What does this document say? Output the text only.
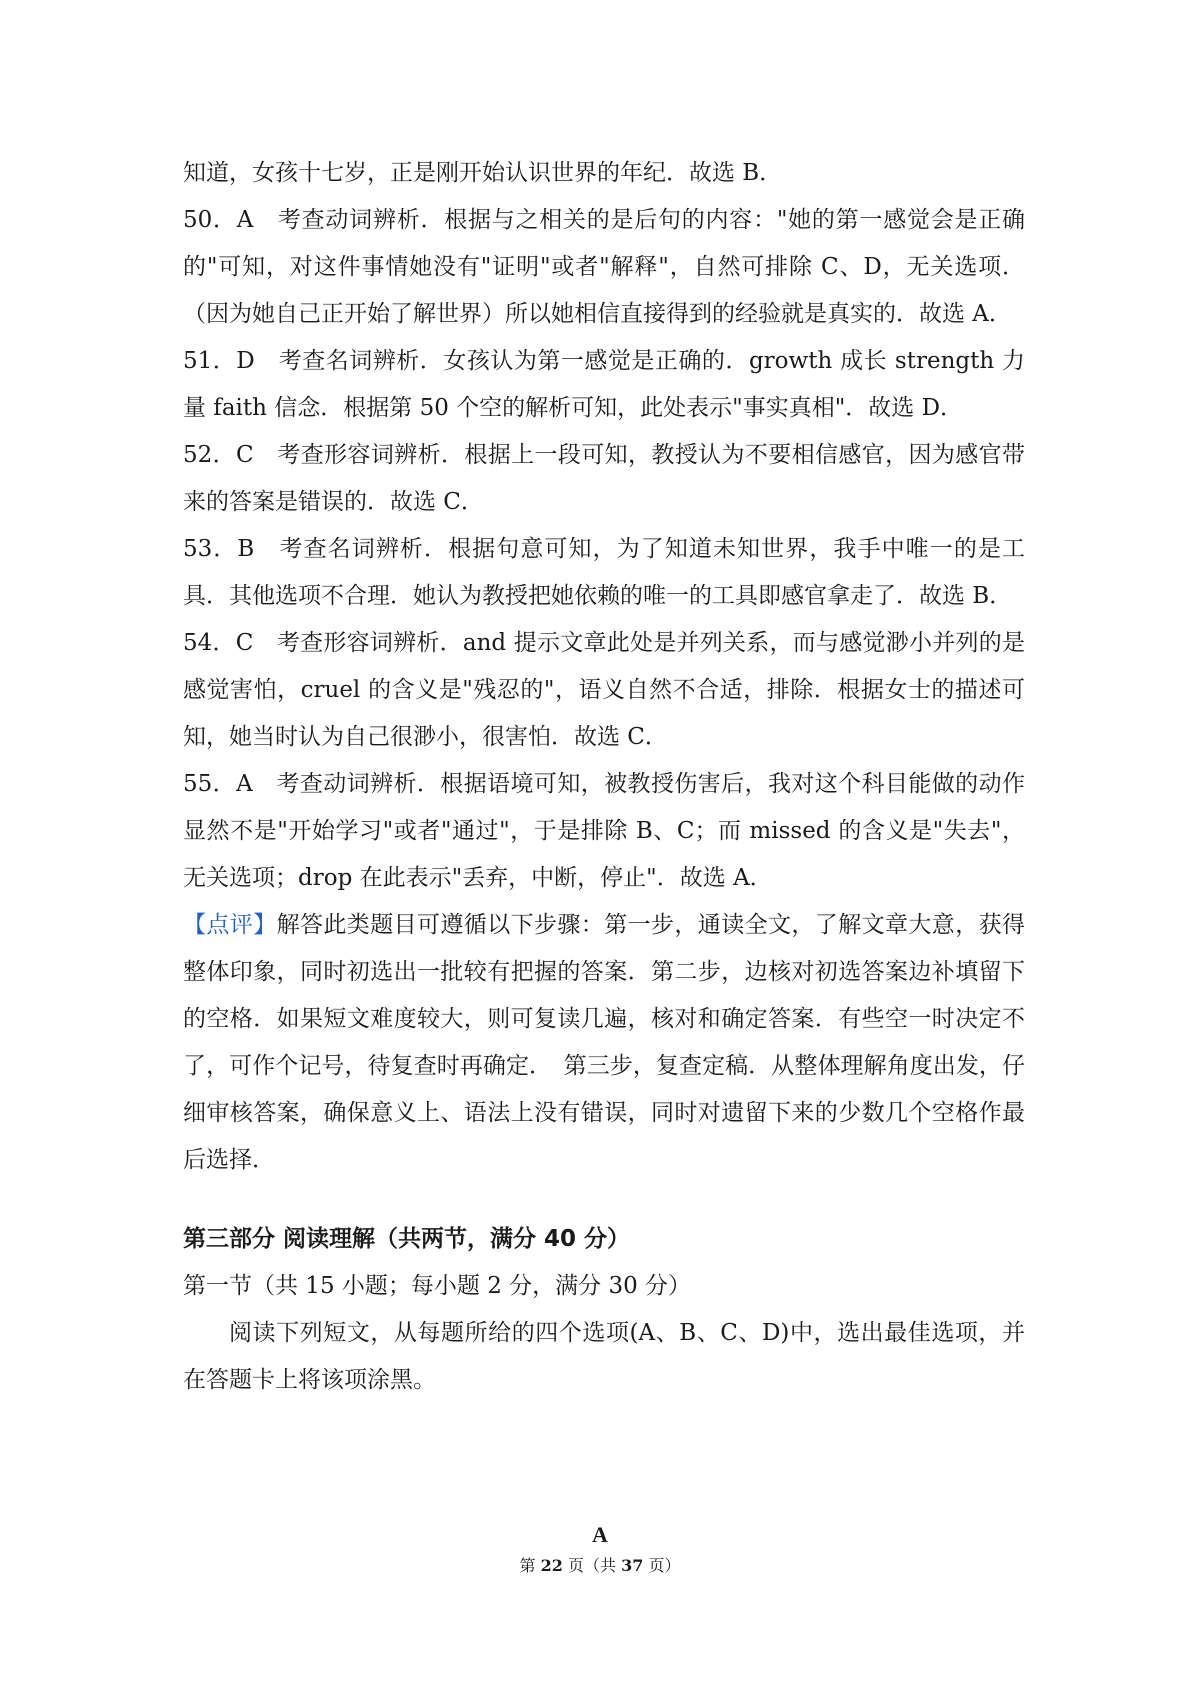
知道，女孩十七岁，正是刚开始认识世界的年纪．故选 B．

50．A　考查动词辨析．根据与之相关的是后句的内容："她的第一感觉会是正确的"可知，对这件事情她没有"证明"或者"解释"，自然可排除 C、D，无关选项．（因为她自己正开始了解世界）所以她相信直接得到的经验就是真实的．故选 A．

51．D　考查名词辨析．女孩认为第一感觉是正确的．growth 成长 strength 力量 faith 信念．根据第 50 个空的解析可知，此处表示"事实真相"．故选 D．

52．C　考查形容词辨析．根据上一段可知，教授认为不要相信感官，因为感官带来的答案是错误的．故选 C．

53．B　考查名词辨析．根据句意可知，为了知道未知世界，我手中唯一的是工具．其他选项不合理．她认为教授把她依赖的唯一的工具即感官拿走了．故选 B．

54．C　考查形容词辨析．and 提示文章此处是并列关系，而与感觉渺小并列的是感觉害怕，cruel 的含义是"残忍的"，语义自然不合适，排除．根据女士的描述可知，她当时认为自己很渺小，很害怕．故选 C．

55．A　考查动词辨析．根据语境可知，被教授伤害后，我对这个科目能做的动作显然不是"开始学习"或者"通过"，于是排除 B、C；而 missed 的含义是"失去"，无关选项；drop 在此表示"丢弃，中断，停止"．故选 A．

【点评】解答此类题目可遵循以下步骤：第一步，通读全文，了解文章大意，获得整体印象，同时初选出一批较有把握的答案．第二步，边核对初选答案边补填留下的空格．如果短文难度较大，则可复读几遍，核对和确定答案．有些空一时决定不了，可作个记号，待复查时再确定．　第三步，复查定稿．从整体理解角度出发，仔细审核答案，确保意义上、语法上没有错误，同时对遗留下来的少数几个空格作最后选择．

第三部分 阅读理解（共两节，满分 40 分）

第一节（共 15 小题；每小题 2 分，满分 30 分）

阅读下列短文，从每题所给的四个选项(A、B、C、D)中，选出最佳选项，并在答题卡上将该项涂黑。

A
第 22 页（共 37 页）
